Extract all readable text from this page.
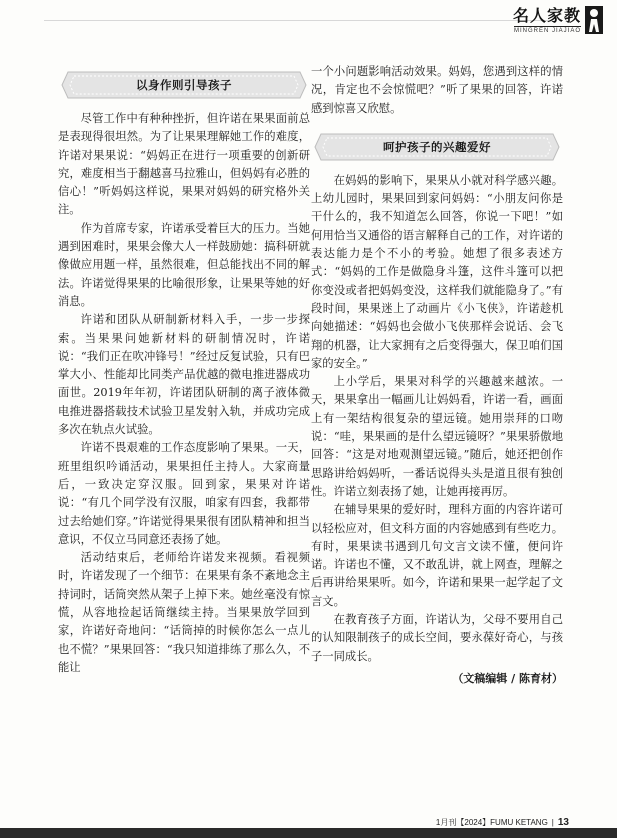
名人家教
MINGREN JIAJIAO
以身作则引导孩子

尽管工作中有种种挫折，但许诺在果果面前总是表现得很坦然。为了让果果理解她工作的难度，许诺对果果说：“妈妈正在进行一项重要的创新研究，难度相当于翻越喜马拉雅山，但妈妈有必胜的信心！”听妈妈这样说，果果对妈妈的研究格外关注。

作为首席专家，许诺承受着巨大的压力。当她遇到困难时，果果会像大人一样鼓励她：搞科研就像做应用题一样，虽然很难，但总能找出不同的解法。许诺觉得果果的比喻很形象，让果果等她的好消息。

许诺和团队从研制新材料入手，一步一步探索。当果果问她新材料的研制情况时，许诺说：“我们正在吹冲锋号！”经过反复试验，只有巴掌大小、性能却比同类产品优越的微电推进器成功面世。2019年年初，许诺团队研制的离子液体微电推进器搭载技术试验卫星发射入轨，并成功完成多次在轨点火试验。

许诺不畏艰难的工作态度影响了果果。一天，班里组织吟诵活动，果果担任主持人。大家商量后，一致决定穿汉服。回到家，果果对许诺说：“有几个同学没有汉服，咱家有四套，我都带过去给她们穿。”许诺觉得果果很有团队精神和担当意识，不仅立马同意还表扬了她。

活动结束后，老师给许诺发来视频。看视频时，许诺发现了一个细节：在果果有条不紊地念主持词时，话筒突然从架子上掉下来。她丝毫没有惊慌，从容地捡起话筒继续主持。当果果放学回到家，许诺好奇地问：“话筒掉的时候你怎么一点儿也不慌？”果果回答：“我只知道排练了那么久，不能让

一个小问题影响活动效果。妈妈，您遇到这样的情况，肯定也不会惊慌吧？”听了果果的回答，许诺感到惊喜又欣慰。

呵护孩子的兴趣爱好

在妈妈的影响下，果果从小就对科学感兴趣。上幼儿园时，果果回到家问妈妈：“小朋友问你是干什么的，我不知道怎么回答，你说一下吧！”如何用恰当又通俗的语言解释自己的工作，对许诺的表达能力是个不小的考验。她想了很多表述方式：“妈妈的工作是做隐身斗篷，这件斗篷可以把你变没或者把妈妈变没，这样我们就能隐身了。”有段时间，果果迷上了动画片《小飞侠》，许诺趁机向她描述：“妈妈也会做小飞侠那样会说话、会飞翔的机器，让大家拥有之后变得强大，保卫咱们国家的安全。”

上小学后，果果对科学的兴趣越来越浓。一天，果果拿出一幅画儿让妈妈看，许诺一看，画面上有一架结构很复杂的望远镜。她用崇拜的口吻说：“哇，果果画的是什么望远镜呀？”果果骄傲地回答：“这是对地观测望远镜。”随后，她还把创作思路讲给妈妈听，一番话说得头头是道且很有独创性。许诺立刻表扬了她，让她再接再厉。

在辅导果果的爱好时，理科方面的内容许诺可以轻松应对，但文科方面的内容她感到有些吃力。有时，果果读书遇到几句文言文读不懂，便问许诺。许诺也不懂，又不敢乱讲，就上网查，理解之后再讲给果果听。如今，许诺和果果一起学起了文言文。

在教育孩子方面，许诺认为，父母不要用自己的认知限制孩子的成长空间，要永葆好奇心，与孩子一同成长。

（文稿编辑 / 陈育材）
1月刊【2024】FUMU KETANG | 13
